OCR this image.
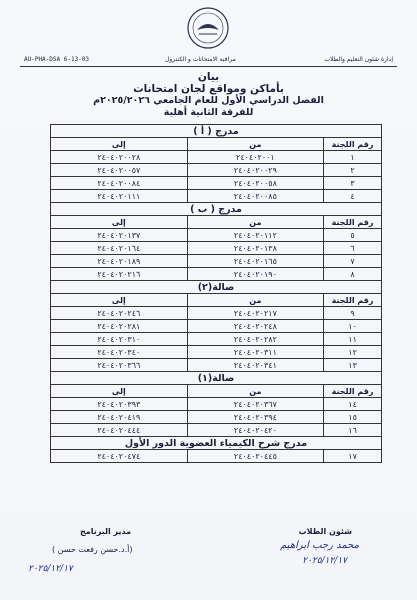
AU-PHA-DSA 6-13-03	مراقبة الامتحانات و الكنترول	إدارة شئون التعليم والطلاب
بيان
بأماكن ومواقع لجان امتحانات
الفصل الدراسي الأول للعام الجامعي ٢٠٢٥/٢٠٢٦م
للفرقة الثانية أهلية
مدرج ( أ )		
رقم اللجنة	من	إلى
١	٢٤٠٤٠٢٠٠١	٢٤٠٤٠٢٠٠٢٨
٢	٢٤٠٤٠٢٠٠٢٩	٢٤٠٤٠٢٠٠٥٧
٣	٢٤٠٤٠٢٠٠٥٨	٢٤٠٤٠٢٠٠٨٤
٤	٢٤٠٤٠٢٠٠٨٥	٢٤٠٤٠٢٠١١١
مدرج ( ب )		
رقم اللجنة	من	إلى
٥	٢٤٠٤٠٢٠١١٢	٢٤٠٤٠٢٠١٣٧
٦	٢٤٠٤٠٢٠١٣٨	٢٤٠٤٠٢٠١٦٤
٧	٢٤٠٤٠٢٠١٦٥	٢٤٠٤٠٢٠١٨٩
٨	٢٤٠٤٠٢٠١٩٠	٢٤٠٤٠٢٠٢١٦
صالة(٢)		
رقم اللجنة	من	إلى
٩	٢٤٠٤٠٢٠٢١٧	٢٤٠٤٠٢٠٢٤٦
١٠	٢٤٠٤٠٢٠٢٤٨	٢٤٠٤٠٢٠٢٨١
١١	٢٤٠٤٠٢٠٢٨٢	٢٤٠٤٠٢٠٣١٠
١٢	٢٤٠٤٠٢٠٣١١	٢٤٠٤٠٢٠٣٤٠
١٣	٢٤٠٤٠٢٠٣٤١	٢٤٠٤٠٢٠٣٦٦
صالة(١)		
رقم اللجنة	من	إلى
١٤	٢٤٠٤٠٢٠٣٦٧	٢٤٠٤٠٢٠٣٩٣
١٥	٢٤٠٤٠٢٠٣٩٤	٢٤٠٤٠٢٠٤١٩
١٦	٢٤٠٤٠٢٠٤٢٠	٢٤٠٤٠٢٠٤٤٤
مدرج شرح الكيمياء العضوية الدور الأول		
١٧	٢٤٠٤٠٢٠٤٤٥	٢٤٠٤٠٢٠٤٧٤
شئون الطلاب
محمد رجب ابراهيم
٢٠٢٥/١٢/١٧
مدير البرنامج
(أ.د.حسن رفعت حسن )
٢٠٢٥/١٢/١٧
